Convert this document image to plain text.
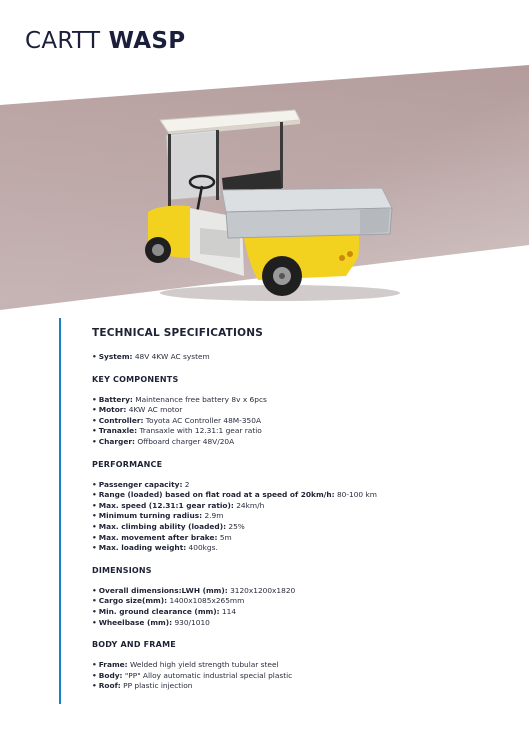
CARTT WASP
TECHNICAL SPECIFICATIONS
• System: 48V 4KW AC system
KEY COMPONENTS
• Battery: Maintenance free battery 8v x 6pcs
• Motor: 4KW AC motor
• Controller: Toyota AC Controller 48M-350A
• Tranaxle: Transaxle with 12.31:1 gear ratio
• Charger: Offboard charger 48V/20A
PERFORMANCE
• Passenger capacity: 2
• Range (loaded) based on flat road at a speed of 20km/h: 80-100 km
• Max. speed (12.31:1 gear ratio): 24km/h
• Minimum turning radius: 2.9m
• Max. climbing ability (loaded): 25%
• Max. movement after brake: 5m
• Max. loading weight: 400kgs.
DIMENSIONS
• Overall dimensions:LWH (mm): 3120x1200x1820
• Cargo size(mm): 1400x1085x265mm
• Min. ground clearance (mm): 114
• Wheelbase (mm): 930/1010
BODY AND FRAME
• Frame: Welded high yield strength tubular steel
• Body: "PP" Alloy automatic industrial special plastic
• Roof: PP plastic injection
